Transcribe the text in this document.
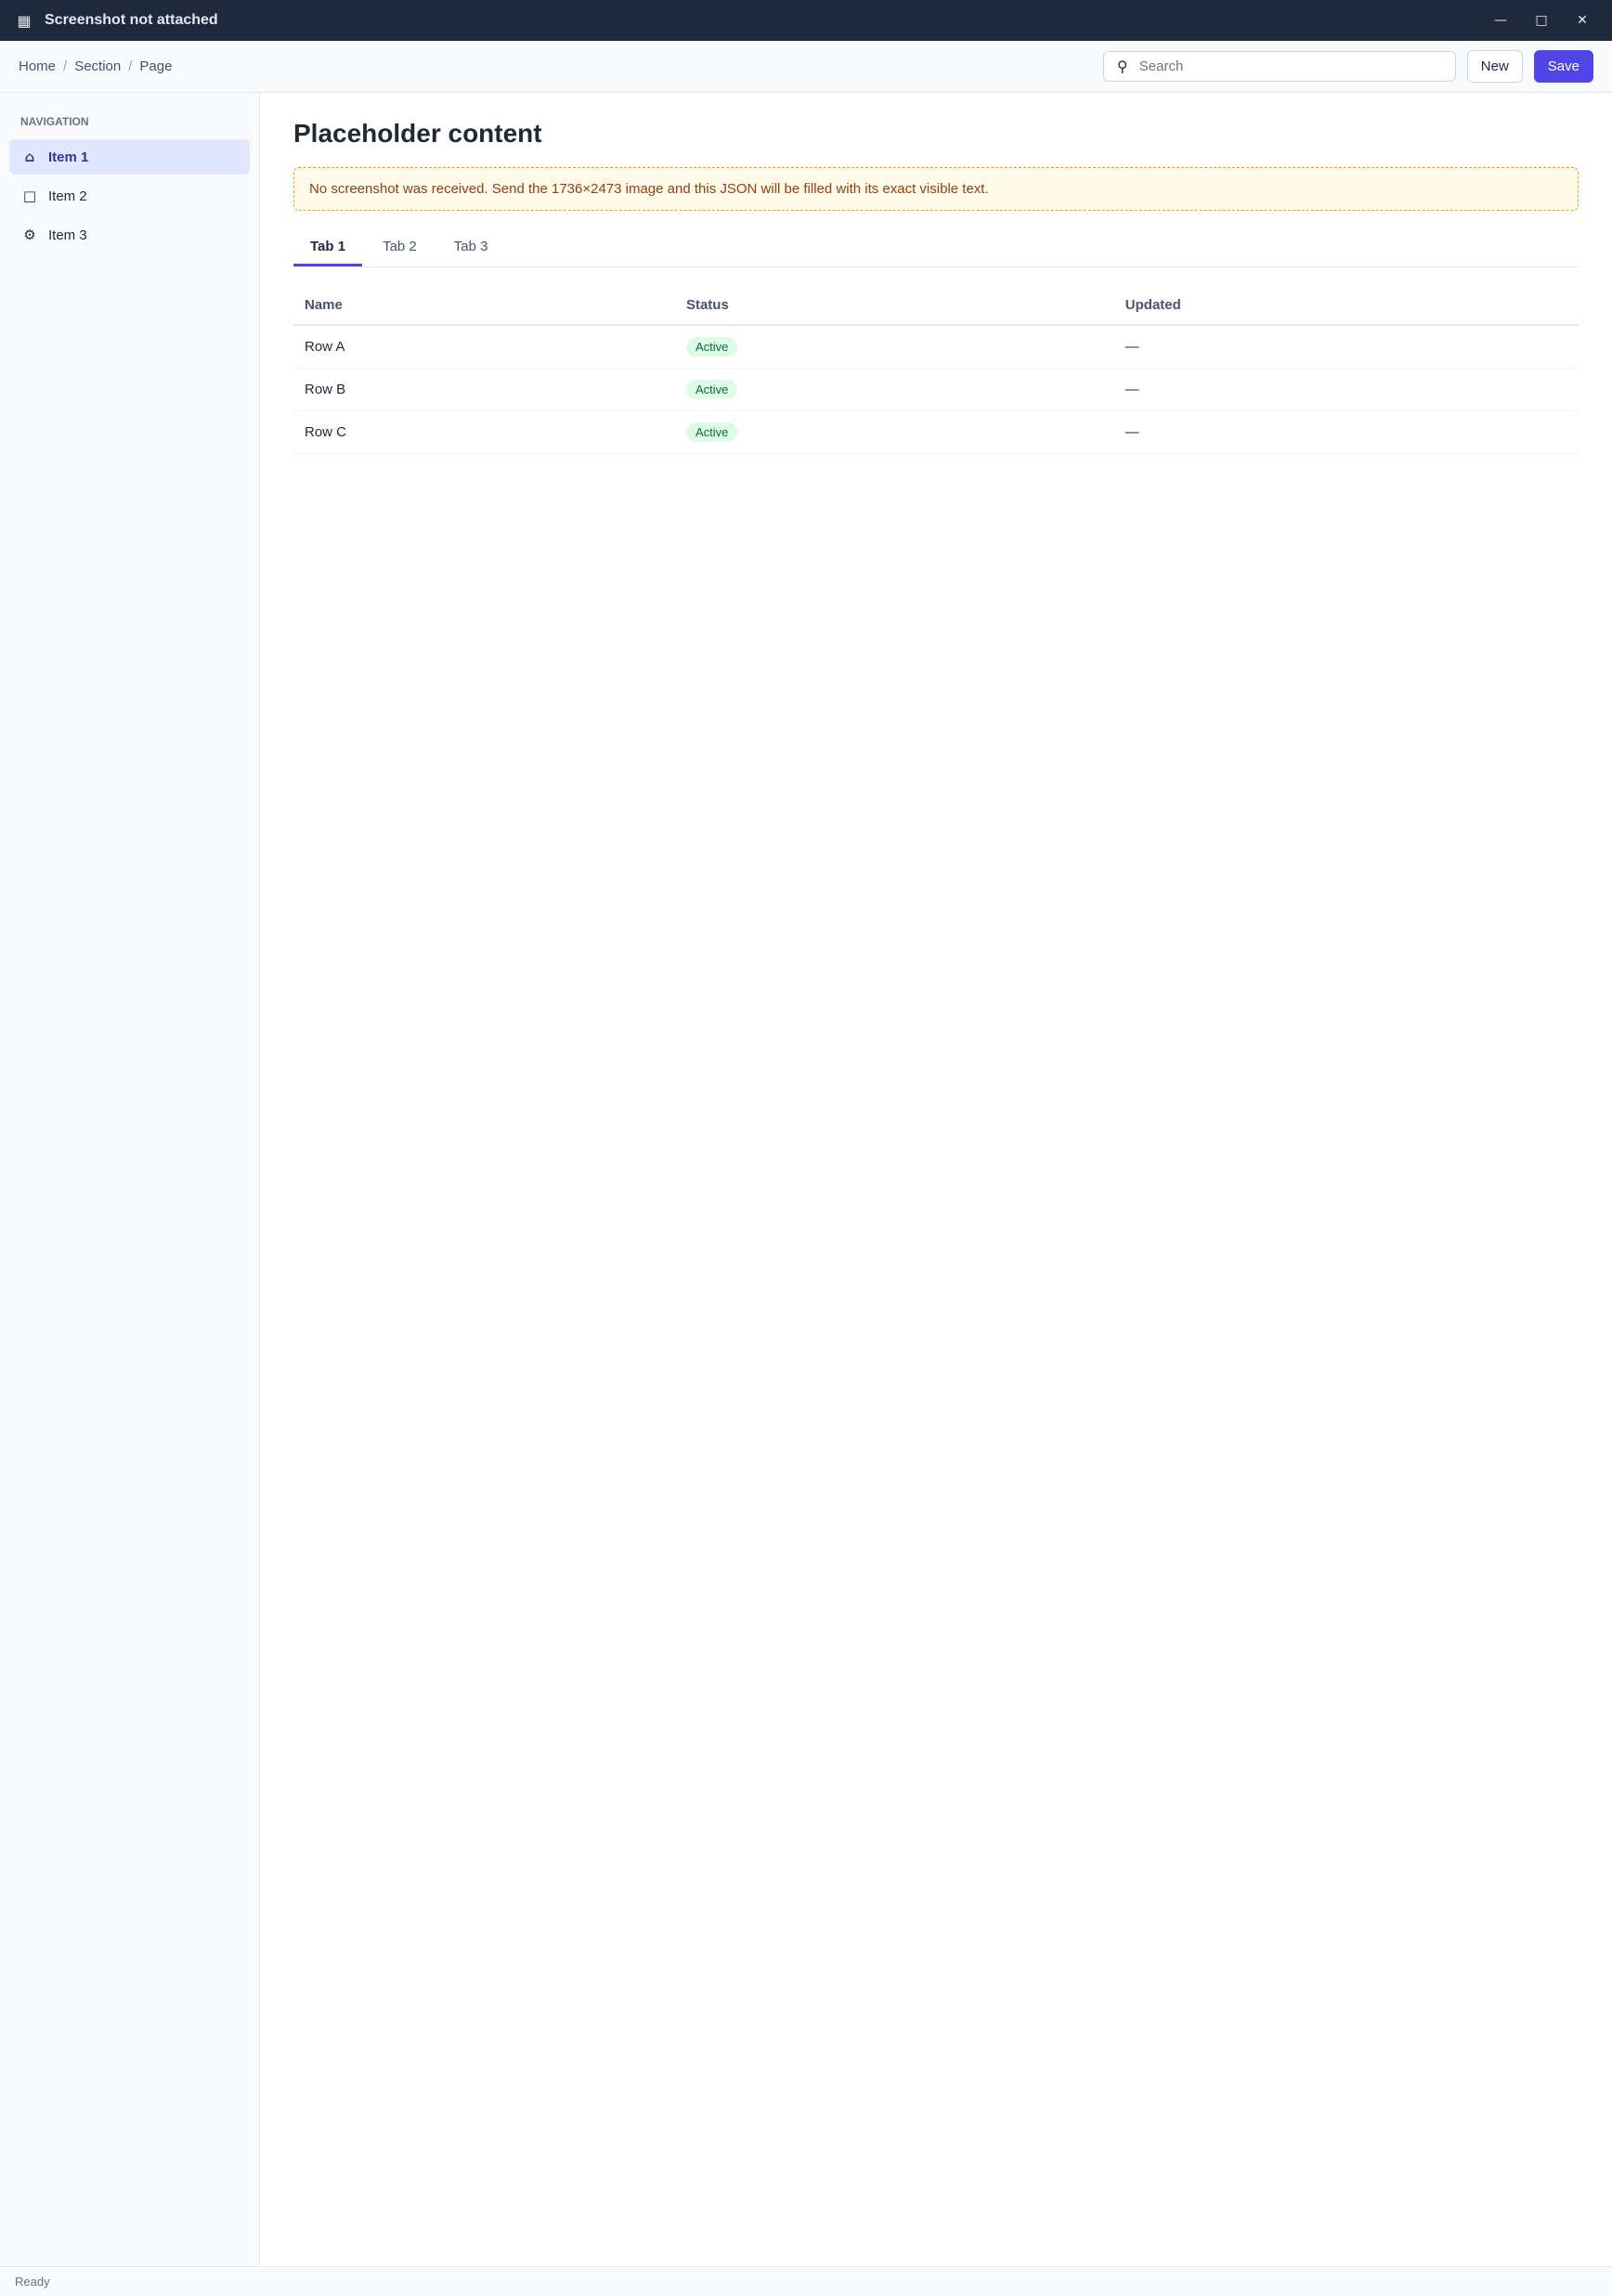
▦ Screenshot not attached	—	□	✕
Home / Section / Page	⚲
Search	New	Save
NAVIGATION
⌂ Item 1
□ Item 2
⚙ Item 3
Placeholder content
No screenshot was received. Send the 1736×2473 image and this JSON will be filled with its exact visible text.
Tab 1	Tab 2	Tab 3
Name	Status	Updated
Row A	Active	—
Row B	Active	—
Row C	Active	—
Ready
